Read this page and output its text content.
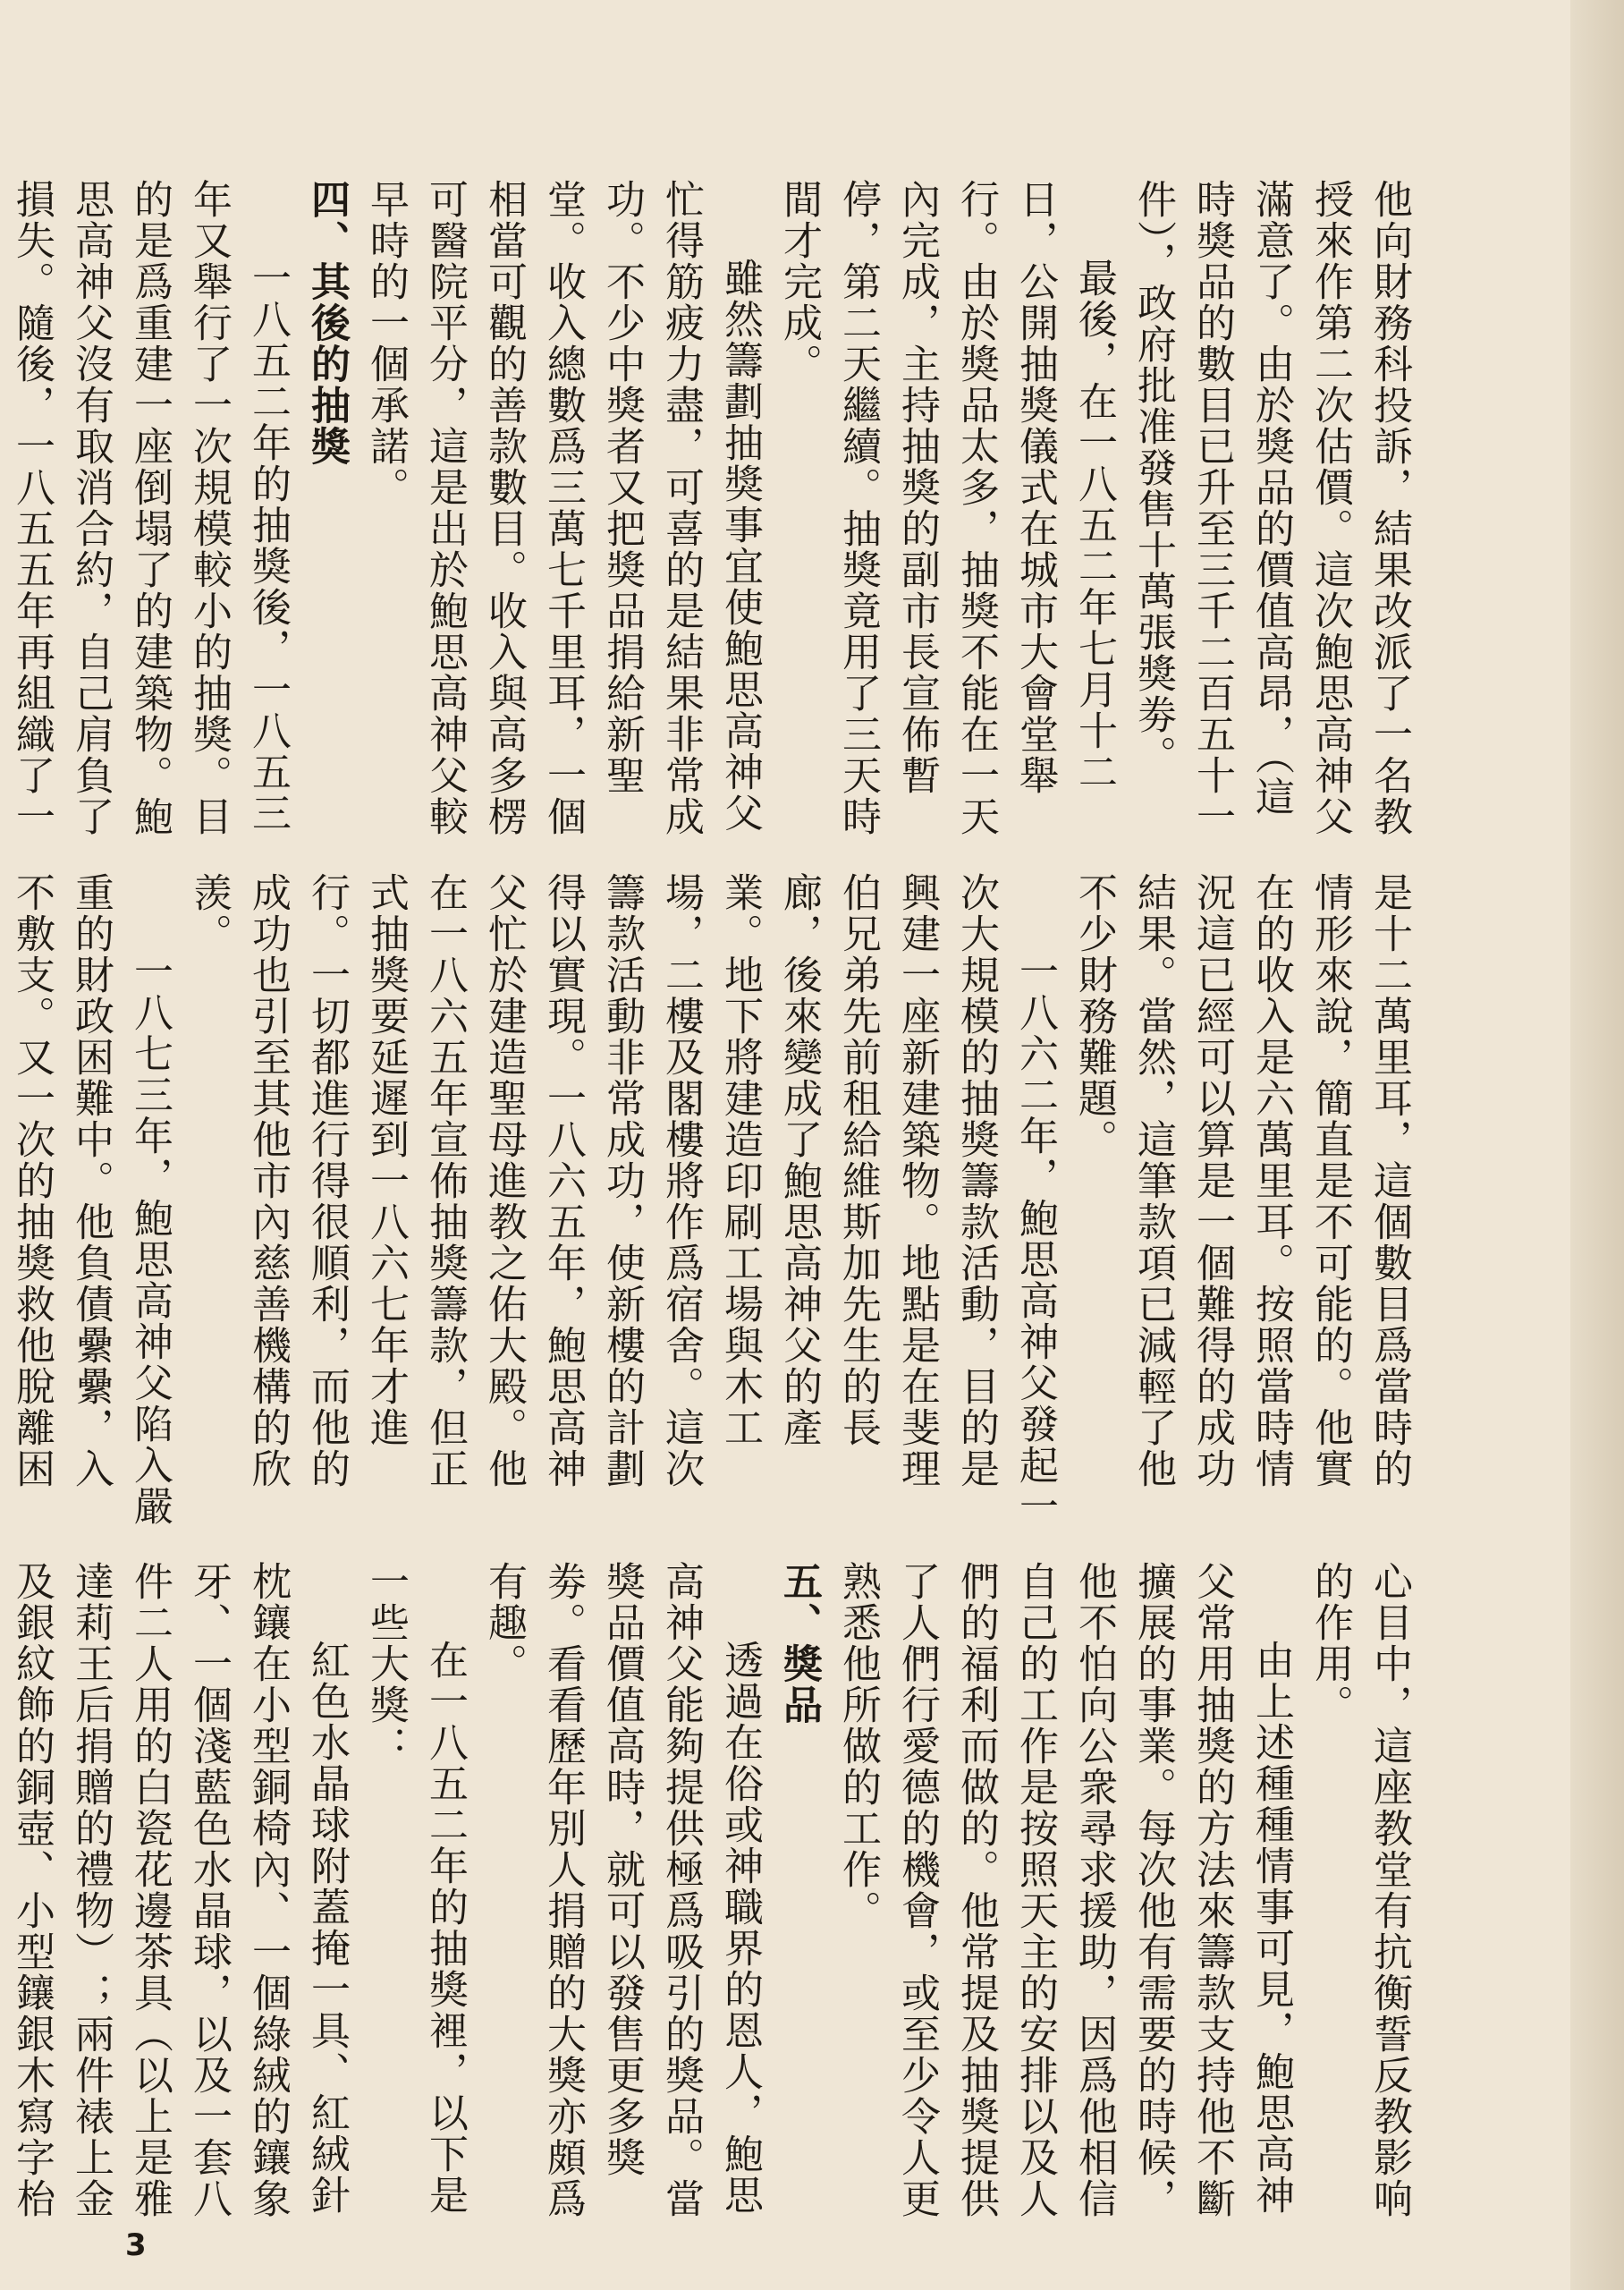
他向財務科投訴，結果改派了一名教授來作第二次估價。這次鮑思高神父滿意了。由於獎品的價值高昂，（這時獎品的數目已升至三千二百五十一件），政府批准發售十萬張獎劵。

最後，在一八五二年七月十二日，公開抽獎儀式在城市大會堂舉行。由於獎品太多，抽獎不能在一天內完成，主持抽獎的副市長宣佈暫停，第二天繼續。抽獎竟用了三天時間才完成。

雖然籌劃抽獎事宜使鮑思高神父忙得筋疲力盡，可喜的是結果非常成功。不少中獎者又把獎品捐給新聖堂。收入總數爲三萬七千里耳，一個相當可觀的善款數目。收入與高多楞可醫院平分，這是出於鮑思高神父較早時的一個承諾。

四、其後的抽獎

一八五二年的抽獎後，一八五三年又舉行了一次規模較小的抽獎。目的是爲重建一座倒塌了的建築物。鮑思高神父沒有取消合約，自己肩負了損失。隨後，一八五五年再組織了一

是十二萬里耳，這個數目爲當時的情形來說，簡直是不可能的。他實在的收入是六萬里耳。按照當時情況這已經可以算是一個難得的成功結果。當然，這筆款項已減輕了他不少財務難題。

一八六二年，鮑思高神父發起一次大規模的抽獎籌款活動，目的是興建一座新建築物。地點是在斐理伯兄弟先前租給維斯加先生的長廊，後來變成了鮑思高神父的產業。地下將建造印刷工場與木工場，二樓及閣樓將作爲宿舍。這次籌款活動非常成功，使新樓的計劃得以實現。一八六五年，鮑思高神父忙於建造聖母進教之佑大殿。他在一八六五年宣佈抽獎籌款，但正式抽獎要延遲到一八六七年才進行。一切都進行得很順利，而他的成功也引至其他市內慈善機構的欣羡。

一八七三年，鮑思高神父陷入嚴重的財政困難中。他負債纍纍，入不敷支。又一次的抽獎救他脫離困

心目中，這座教堂有抗衡誓反教影响的作用。

由上述種種情事可見，鮑思高神父常用抽獎的方法來籌款支持他不斷擴展的事業。每次他有需要的時候，他不怕向公衆尋求援助，因爲他相信自己的工作是按照天主的安排以及人們的福利而做的。他常提及抽獎提供了人們行愛德的機會，或至少令人更熟悉他所做的工作。

五、獎品

透過在俗或神職界的恩人，鮑思高神父能夠提供極爲吸引的獎品。當獎品價值高時，就可以發售更多獎劵。看看歷年別人捐贈的大獎亦頗爲有趣。

在一八五二年的抽獎裡，以下是一些大獎：

紅色水晶球附蓋掩一具、紅絨針枕鑲在小型銅椅內、一個綠絨的鑲象牙、一個淺藍色水晶球，以及一套八件二人用的白瓷花邊茶具（以上是雅達莉王后捐贈的禮物）；兩件裱上金及銀紋飾的銅壺、小型鑲銀木寫字枱

3
